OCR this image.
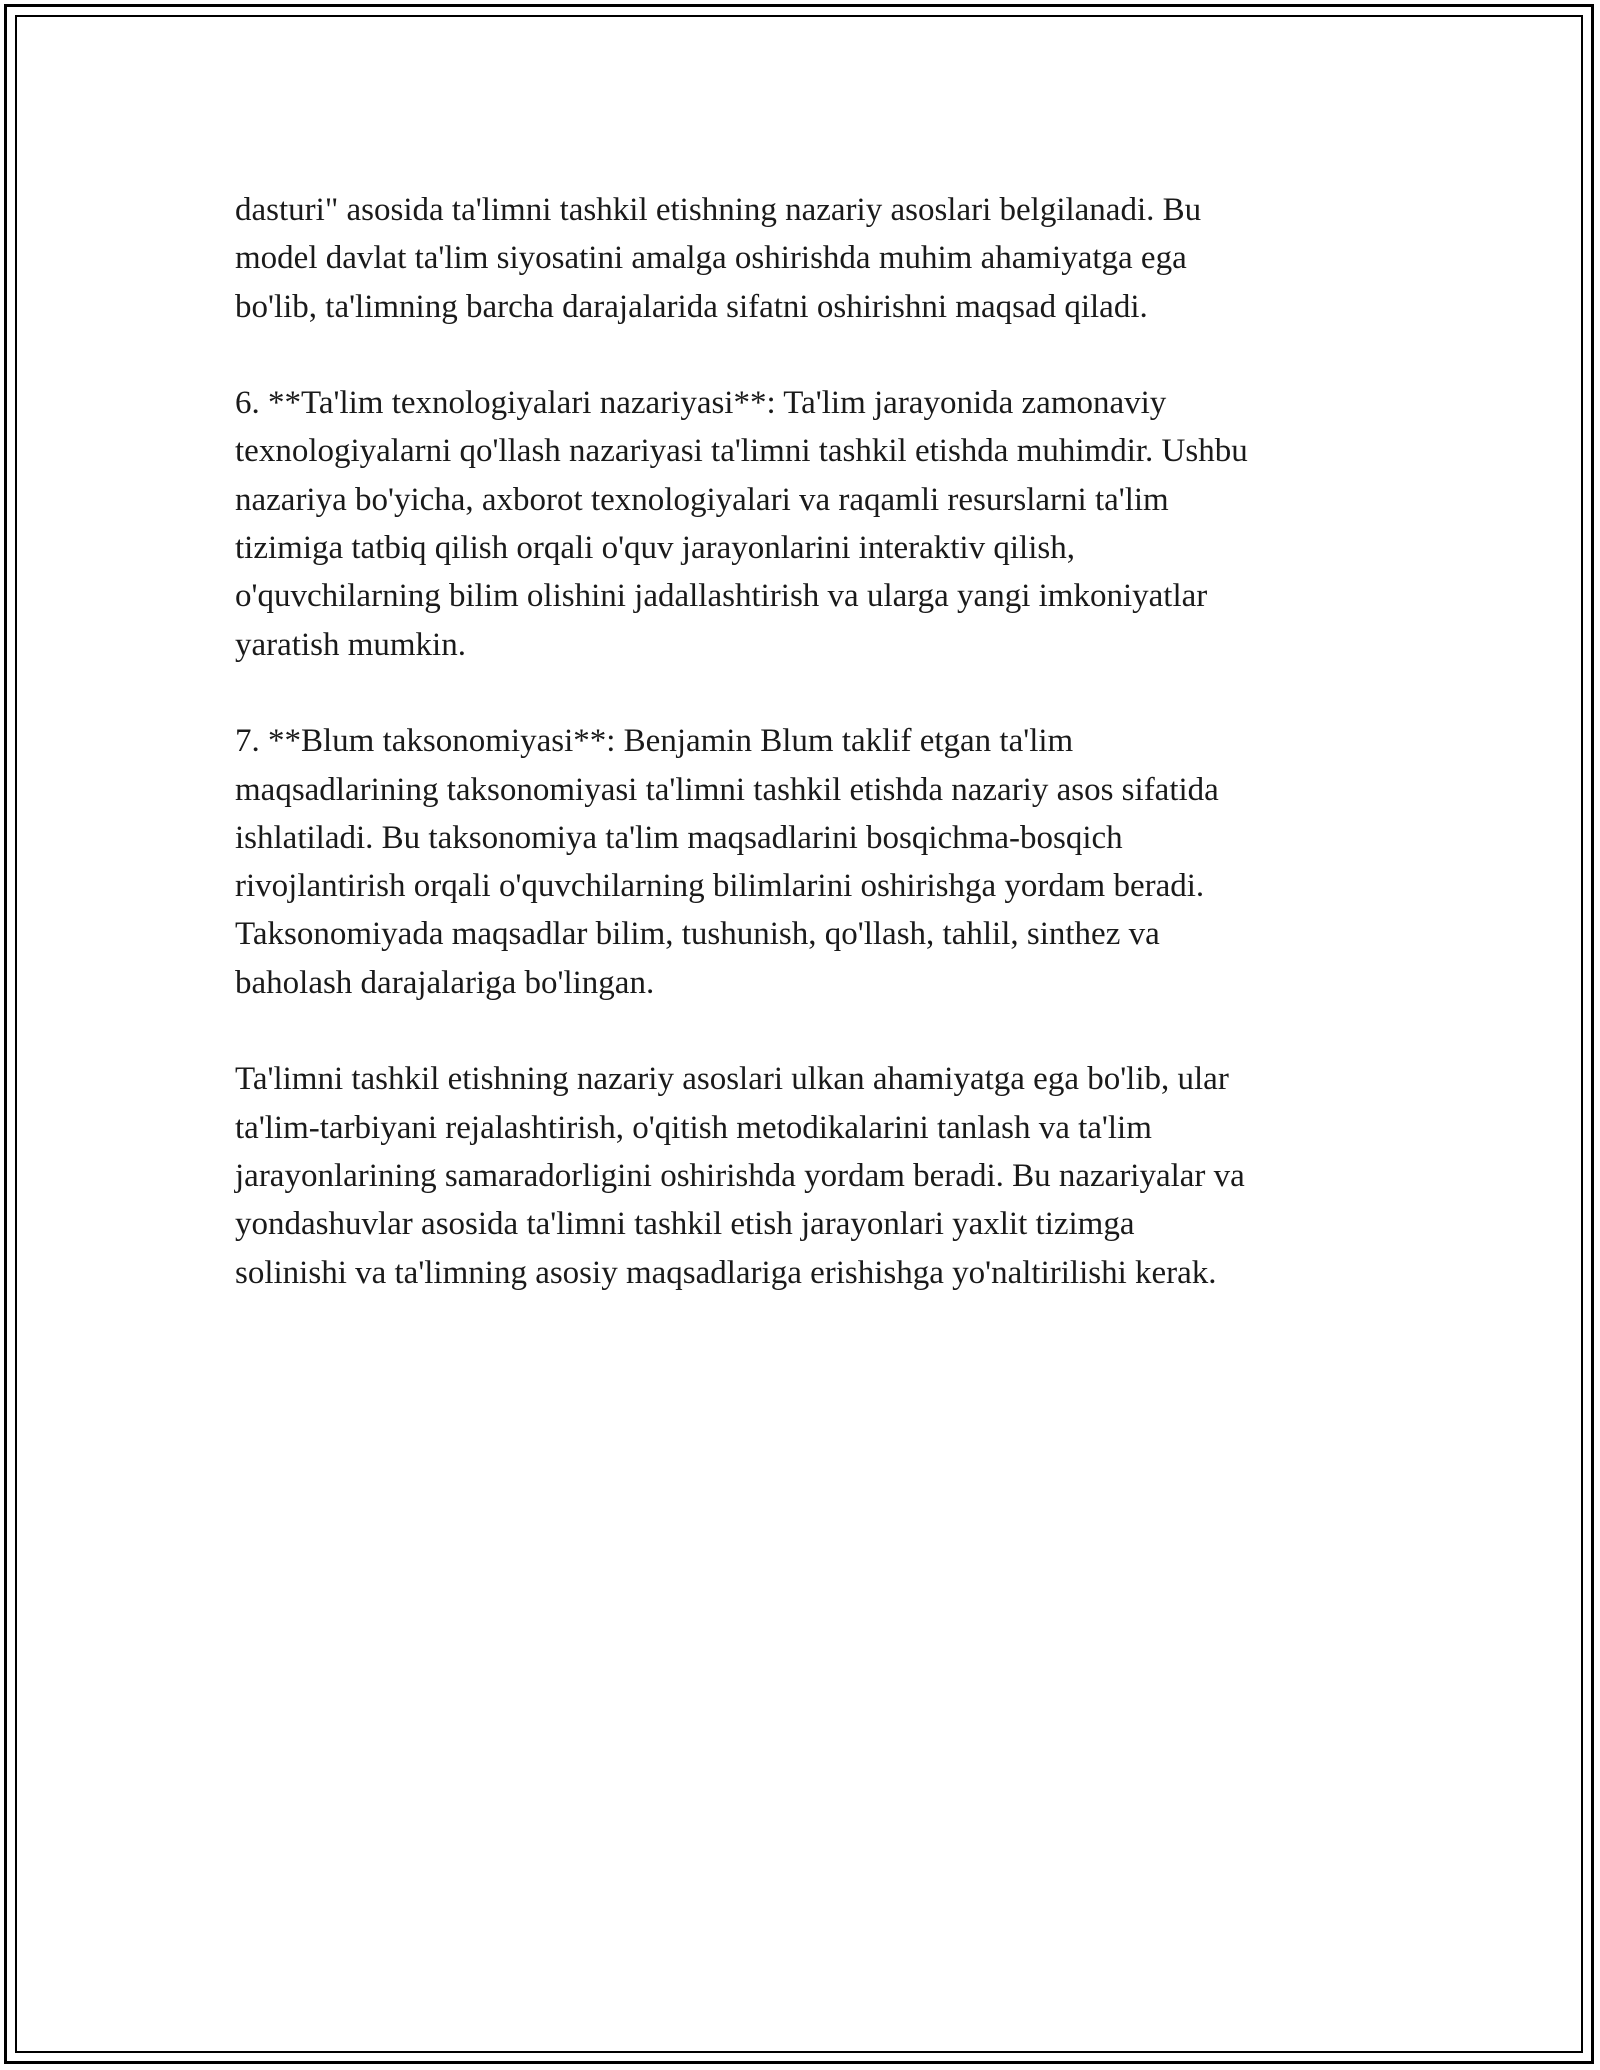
dasturi" asosida ta'limni tashkil etishning nazariy asoslari belgilanadi. Bu
model davlat ta'lim siyosatini amalga oshirishda muhim ahamiyatga ega
bo'lib, ta'limning barcha darajalarida sifatni oshirishni maqsad qiladi.
6. **Ta'lim texnologiyalari nazariyasi**: Ta'lim jarayonida zamonaviy
texnologiyalarni qo'llash nazariyasi ta'limni tashkil etishda muhimdir. Ushbu
nazariya bo'yicha, axborot texnologiyalari va raqamli resurslarni ta'lim
tizimiga tatbiq qilish orqali o'quv jarayonlarini interaktiv qilish,
o'quvchilarning bilim olishini jadallashtirish va ularga yangi imkoniyatlar
yaratish mumkin.
7. **Blum taksonomiyasi**: Benjamin Blum taklif etgan ta'lim
maqsadlarining taksonomiyasi ta'limni tashkil etishda nazariy asos sifatida
ishlatiladi. Bu taksonomiya ta'lim maqsadlarini bosqichma-bosqich
rivojlantirish orqali o'quvchilarning bilimlarini oshirishga yordam beradi.
Taksonomiyada maqsadlar bilim, tushunish, qo'llash, tahlil, sinthez va
baholash darajalariga bo'lingan.
Ta'limni tashkil etishning nazariy asoslari ulkan ahamiyatga ega bo'lib, ular
ta'lim-tarbiyani rejalashtirish, o'qitish metodikalarini tanlash va ta'lim
jarayonlarining samaradorligini oshirishda yordam beradi. Bu nazariyalar va
yondashuvlar asosida ta'limni tashkil etish jarayonlari yaxlit tizimga
solinishi va ta'limning asosiy maqsadlariga erishishga yo'naltirilishi kerak.
